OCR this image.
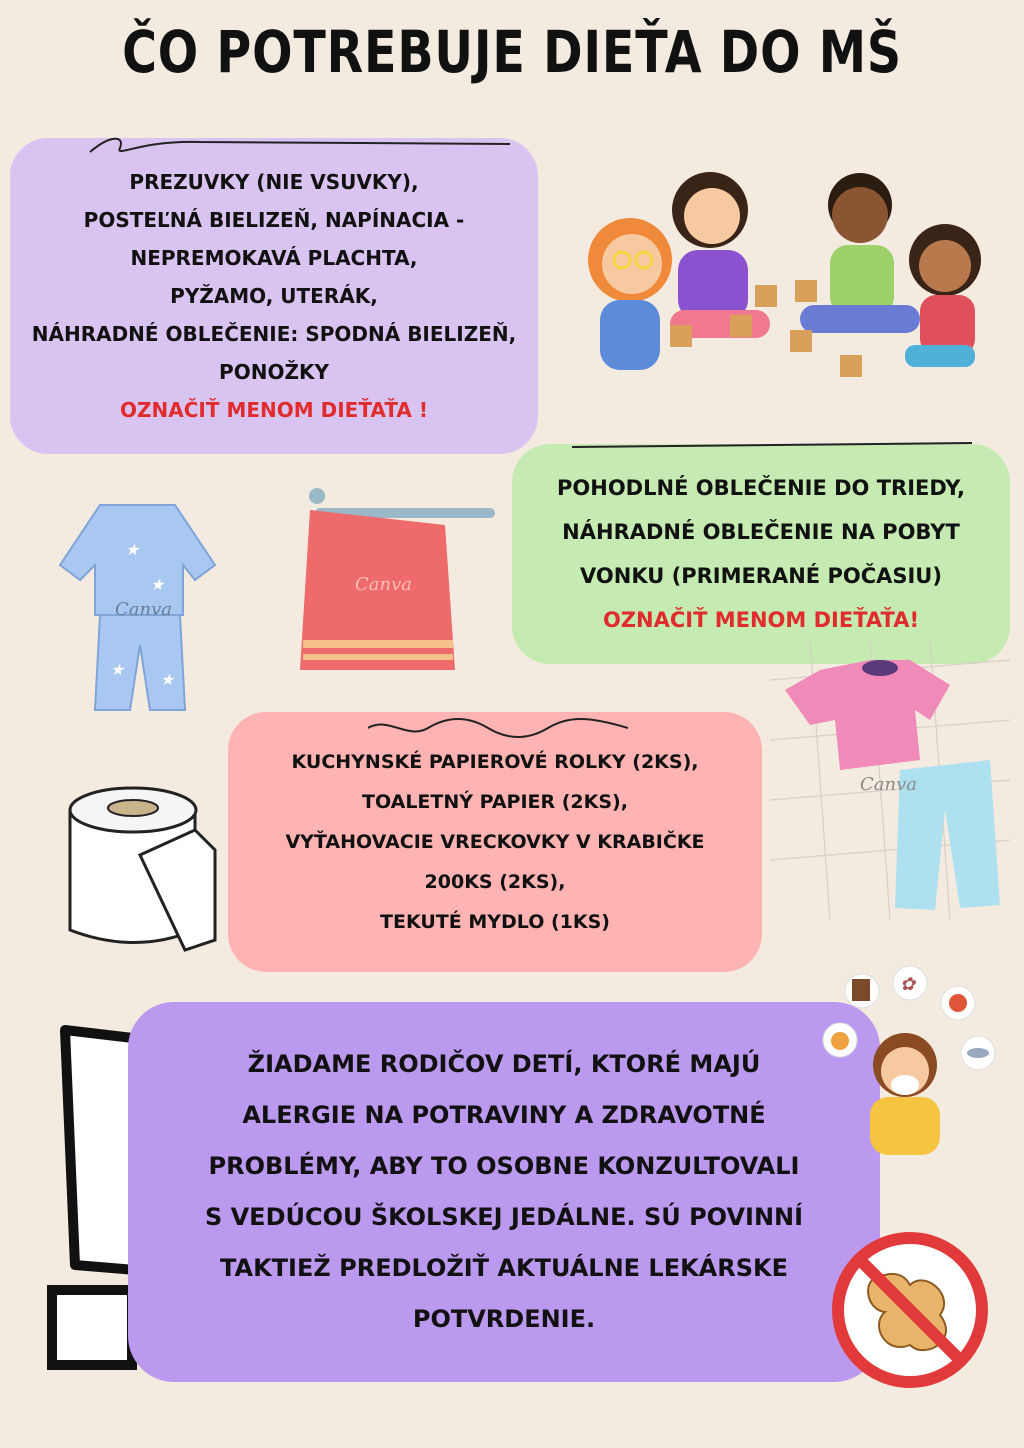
ČO POTREBUJE DIEŤA DO MŠ

PREZUVKY (NIE VSUVKY),

POSTEĽNÁ BIELIZEŇ, NAPÍNACIA -

NEPREMOKAVÁ PLACHTA,

PYŽAMO, UTERÁK,

NÁHRADNÉ OBLEČENIE: SPODNÁ BIELIZEŇ,

PONOŽKY

OZNAČIŤ MENOM DIEŤAŤA !

POHODLNÉ OBLEČENIE DO TRIEDY,

NÁHRADNÉ OBLEČENIE NA POBYT

VONKU (PRIMERANÉ POČASIU)

OZNAČIŤ MENOM DIEŤAŤA!

★
★
★
★
Canva
Canva
Canva

KUCHYNSKÉ PAPIEROVÉ ROLKY (2KS),

TOALETNÝ PAPIER (2KS),

VYŤAHOVACIE VRECKOVKY V KRABIČKE

200KS (2KS),

TEKUTÉ MYDLO (1KS)

ŽIADAME RODIČOV DETÍ, KTORÉ MAJÚ

ALERGIE NA POTRAVINY A ZDRAVOTNÉ

PROBLÉMY, ABY TO OSOBNE KONZULTOVALI

S VEDÚCOU ŠKOLSKEJ JEDÁLNE. SÚ POVINNÍ

TAKTIEŽ PREDLOŽIŤ AKTUÁLNE LEKÁRSKE

POTVRDENIE.

✿
